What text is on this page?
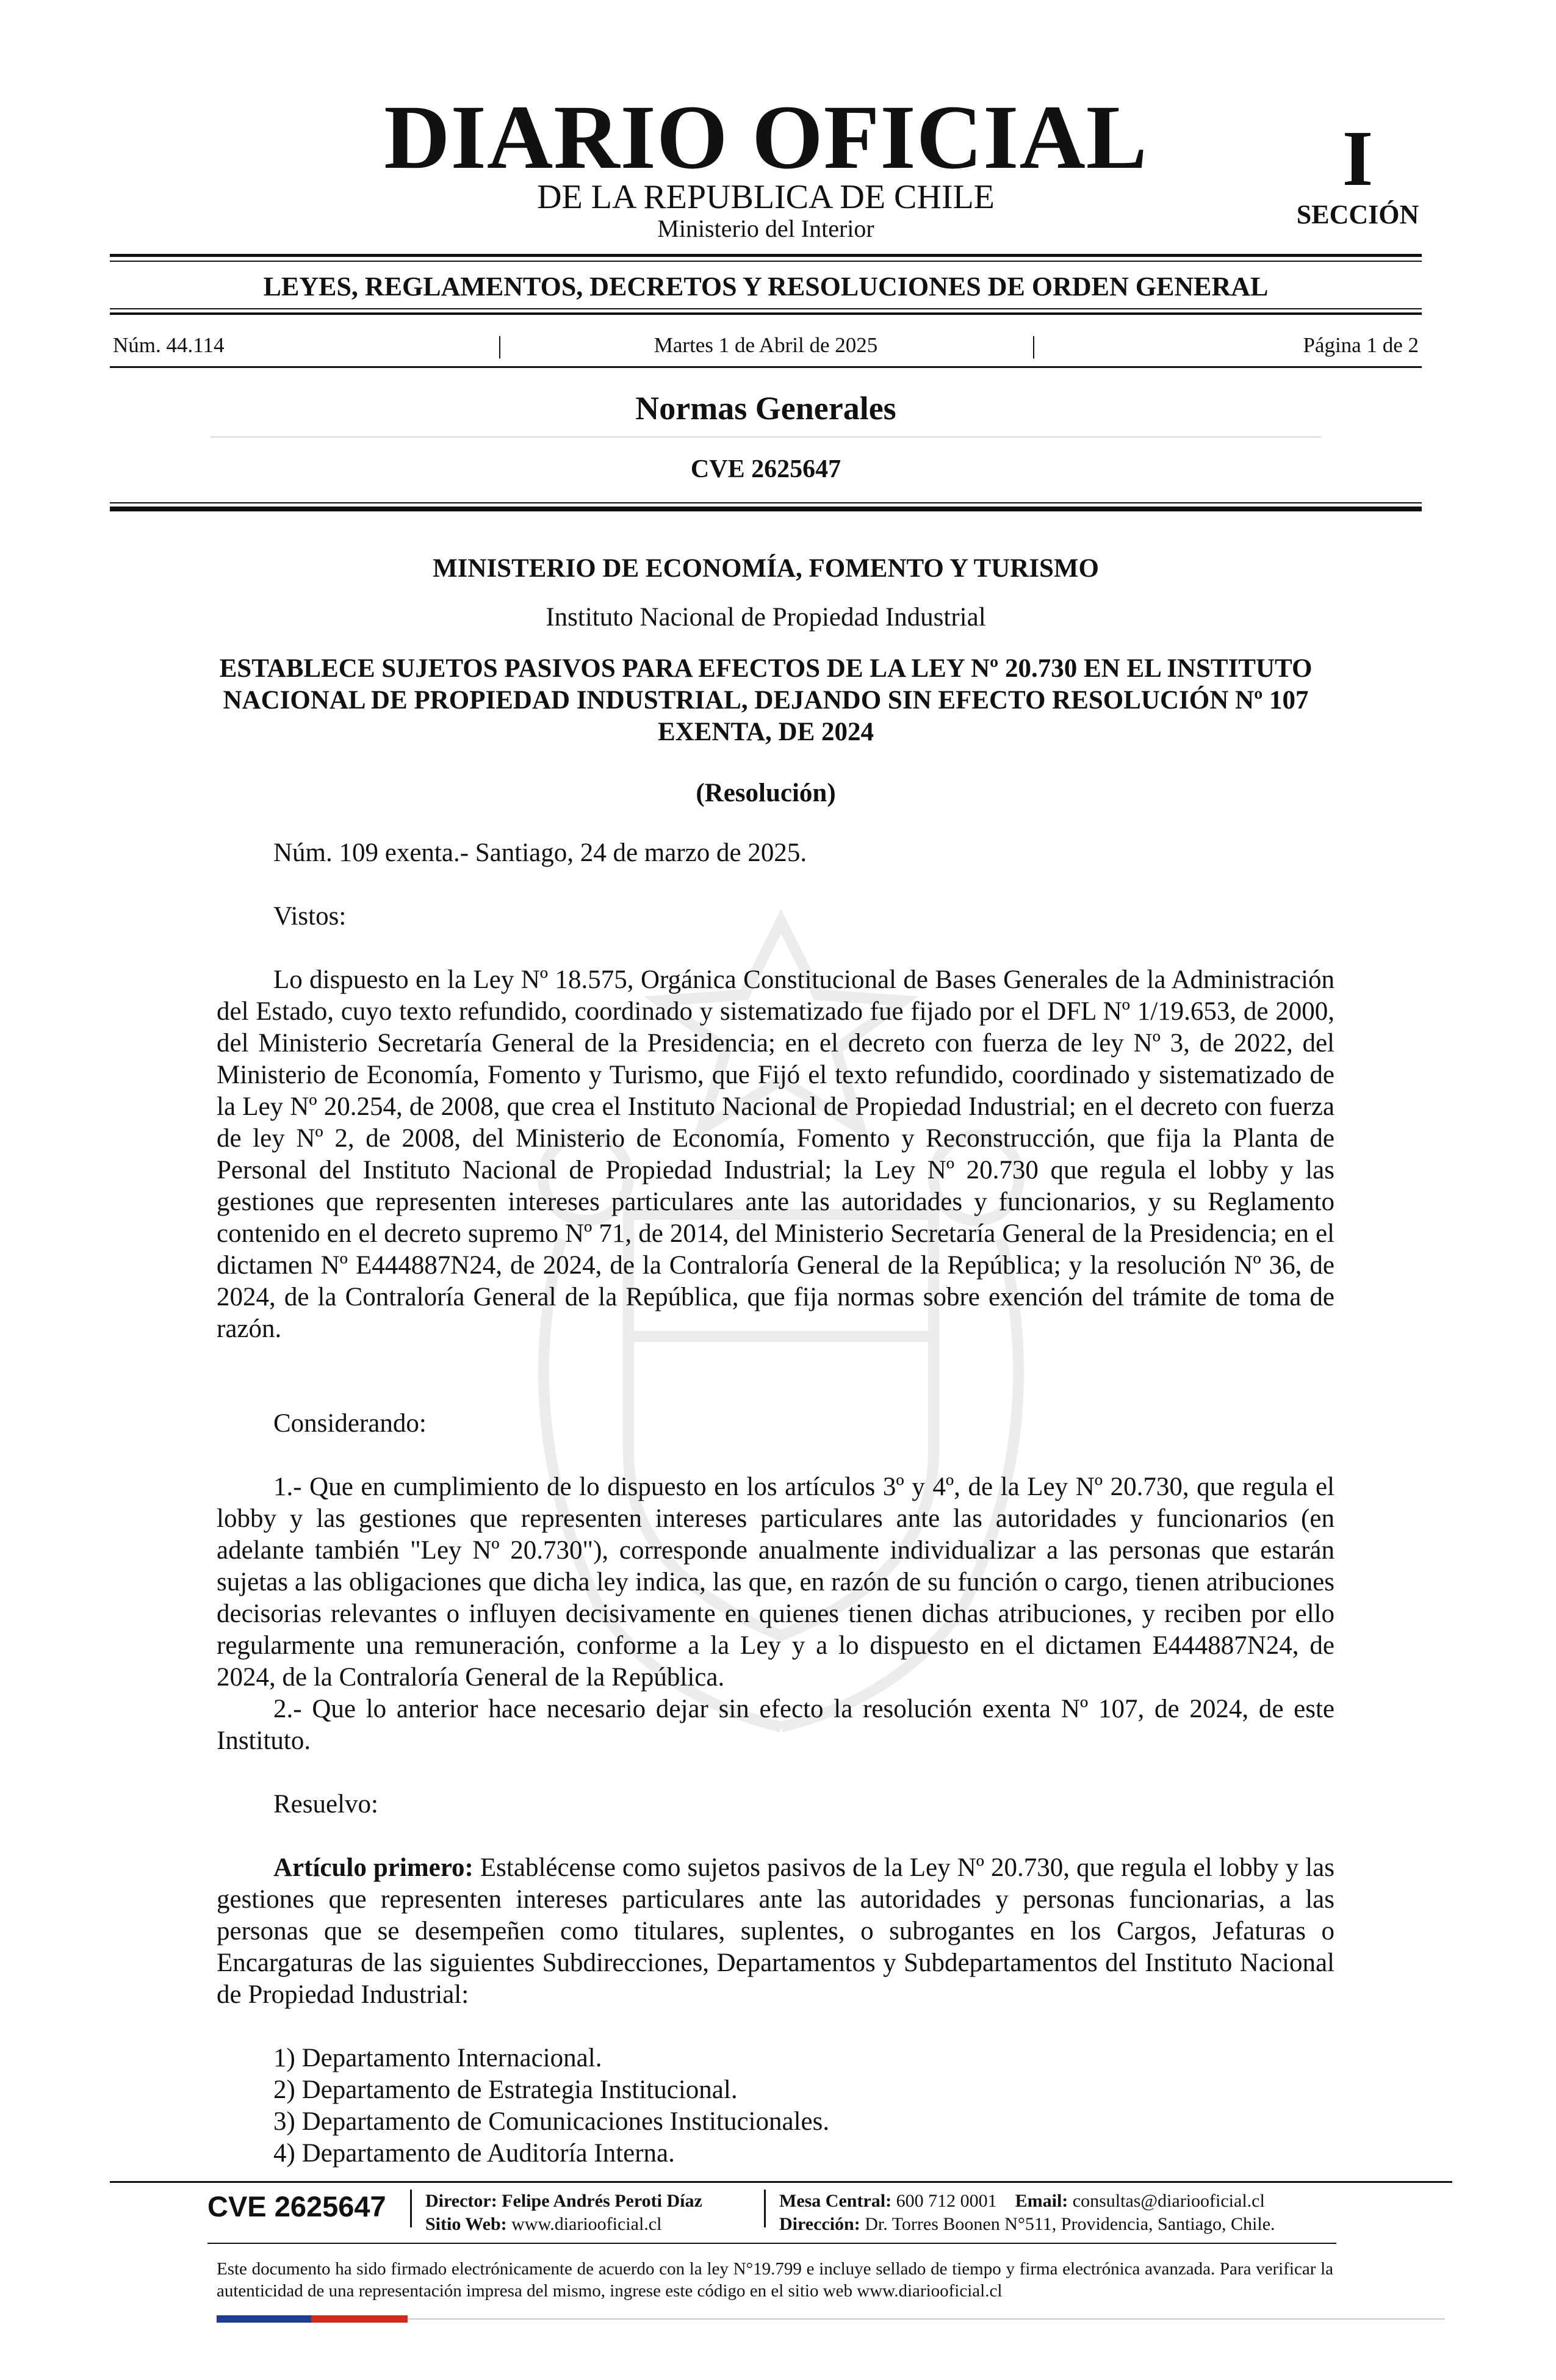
DIARIO OFICIAL
DE LA REPUBLICA DE CHILE
Ministerio del Interior
I
SECCIÓN
LEYES, REGLAMENTOS, DECRETOS Y RESOLUCIONES DE ORDEN GENERAL
Núm. 44.114	|	Martes 1 de Abril de 2025	|	Página 1 de 2
Normas Generales
CVE 2625647
MINISTERIO DE ECONOMÍA, FOMENTO Y TURISMO
Instituto Nacional de Propiedad Industrial
ESTABLECE SUJETOS PASIVOS PARA EFECTOS DE LA LEY Nº 20.730 EN EL INSTITUTO NACIONAL DE PROPIEDAD INDUSTRIAL, DEJANDO SIN EFECTO RESOLUCIÓN Nº 107 EXENTA, DE 2024
(Resolución)
Núm. 109 exenta.- Santiago, 24 de marzo de 2025.
Vistos:
Lo dispuesto en la Ley Nº 18.575, Orgánica Constitucional de Bases Generales de la Administración del Estado, cuyo texto refundido, coordinado y sistematizado fue fijado por el DFL Nº 1/19.653, de 2000, del Ministerio Secretaría General de la Presidencia; en el decreto con fuerza de ley Nº 3, de 2022, del Ministerio de Economía, Fomento y Turismo, que Fijó el texto refundido, coordinado y sistematizado de la Ley Nº 20.254, de 2008, que crea el Instituto Nacional de Propiedad Industrial; en el decreto con fuerza de ley Nº 2, de 2008, del Ministerio de Economía, Fomento y Reconstrucción, que fija la Planta de Personal del Instituto Nacional de Propiedad Industrial; la Ley Nº 20.730 que regula el lobby y las gestiones que representen intereses particulares ante las autoridades y funcionarios, y su Reglamento contenido en el decreto supremo Nº 71, de 2014, del Ministerio Secretaría General de la Presidencia; en el dictamen Nº E444887N24, de 2024, de la Contraloría General de la República; y la resolución Nº 36, de 2024, de la Contraloría General de la República, que fija normas sobre exención del trámite de toma de razón.
Considerando:
1.- Que en cumplimiento de lo dispuesto en los artículos 3º y 4º, de la Ley Nº 20.730, que regula el lobby y las gestiones que representen intereses particulares ante las autoridades y funcionarios (en adelante también "Ley Nº 20.730"), corresponde anualmente individualizar a las personas que estarán sujetas a las obligaciones que dicha ley indica, las que, en razón de su función o cargo, tienen atribuciones decisorias relevantes o influyen decisivamente en quienes tienen dichas atribuciones, y reciben por ello regularmente una remuneración, conforme a la Ley y a lo dispuesto en el dictamen E444887N24, de 2024, de la Contraloría General de la República.
2.- Que lo anterior hace necesario dejar sin efecto la resolución exenta Nº 107, de 2024, de este Instituto.
Resuelvo:
Artículo primero: Establécense como sujetos pasivos de la Ley Nº 20.730, que regula el lobby y las gestiones que representen intereses particulares ante las autoridades y personas funcionarias, a las personas que se desempeñen como titulares, suplentes, o subrogantes en los Cargos, Jefaturas o Encargaturas de las siguientes Subdirecciones, Departamentos y Subdepartamentos del Instituto Nacional de Propiedad Industrial:
1) Departamento Internacional.
2) Departamento de Estrategia Institucional.
3) Departamento de Comunicaciones Institucionales.
4) Departamento de Auditoría Interna.
CVE 2625647 Director: Felipe Andrés Peroti Díaz
Sitio Web: www.diariooficial.cl
Mesa Central: 600 712 0001 Email: consultas@diariooficial.cl
Dirección: Dr. Torres Boonen N°511, Providencia, Santiago, Chile.
Este documento ha sido firmado electrónicamente de acuerdo con la ley N°19.799 e incluye sellado de tiempo y firma electrónica avanzada. Para verificar la autenticidad de una representación impresa del mismo, ingrese este código en el sitio web www.diariooficial.cl
